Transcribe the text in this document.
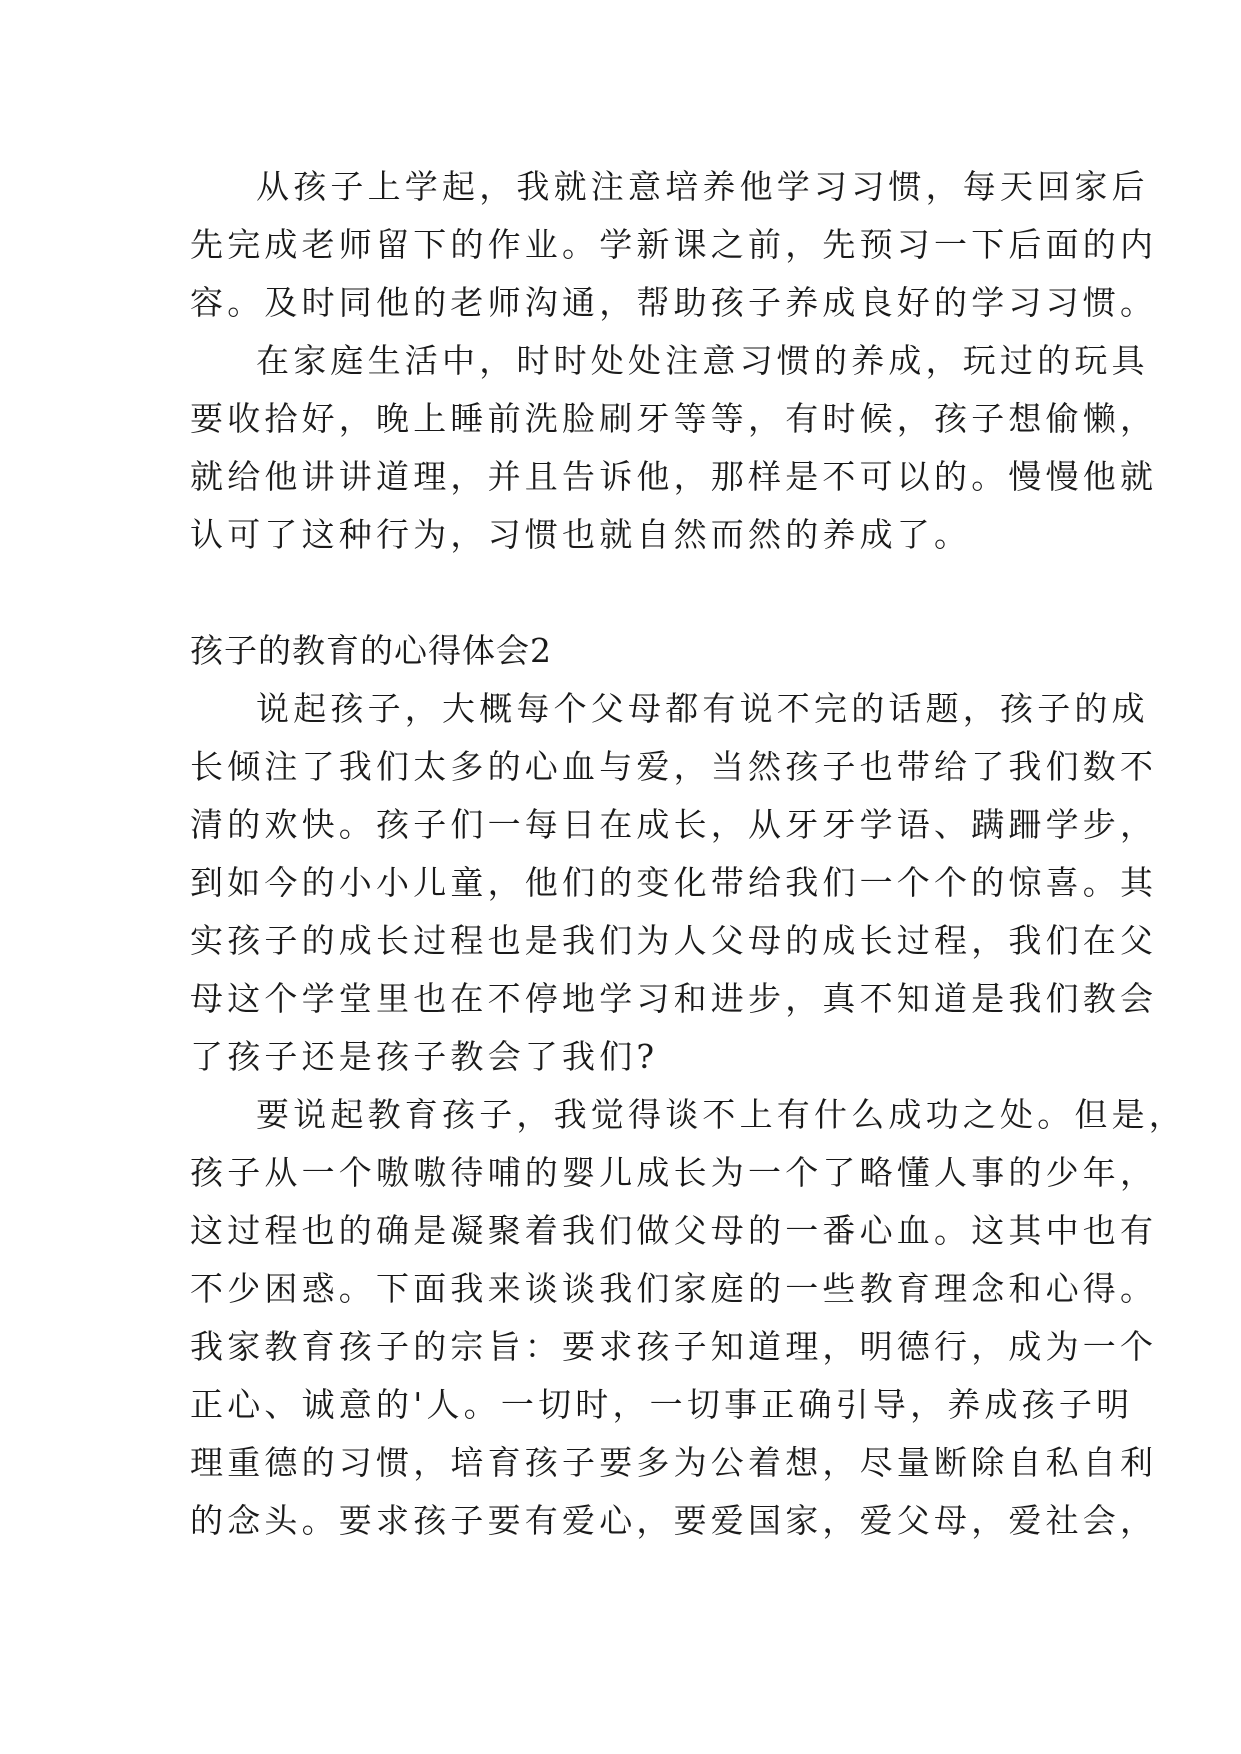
从孩子上学起，我就注意培养他学习习惯，每天回家后
先完成老师留下的作业。学新课之前，先预习一下后面的内
容。及时同他的老师沟通，帮助孩子养成良好的学习习惯。
在家庭生活中，时时处处注意习惯的养成，玩过的玩具
要收拾好，晚上睡前洗脸刷牙等等，有时候，孩子想偷懒，
就给他讲讲道理，并且告诉他，那样是不可以的。慢慢他就
认可了这种行为，习惯也就自然而然的养成了。
孩子的教育的心得体会2
说起孩子，大概每个父母都有说不完的话题，孩子的成
长倾注了我们太多的心血与爱，当然孩子也带给了我们数不
清的欢快。孩子们一每日在成长，从牙牙学语、蹒跚学步，
到如今的小小儿童，他们的变化带给我们一个个的惊喜。其
实孩子的成长过程也是我们为人父母的成长过程，我们在父
母这个学堂里也在不停地学习和进步，真不知道是我们教会
了孩子还是孩子教会了我们?
要说起教育孩子，我觉得谈不上有什么成功之处。但是，
孩子从一个嗷嗷待哺的婴儿成长为一个了略懂人事的少年，
这过程也的确是凝聚着我们做父母的一番心血。这其中也有
不少困惑。下面我来谈谈我们家庭的一些教育理念和心得。
我家教育孩子的宗旨：要求孩子知道理，明德行，成为一个
正心、诚意的'人。一切时，一切事正确引导，养成孩子明
理重德的习惯，培育孩子要多为公着想，尽量断除自私自利
的念头。要求孩子要有爱心，要爱国家，爱父母，爱社会，
